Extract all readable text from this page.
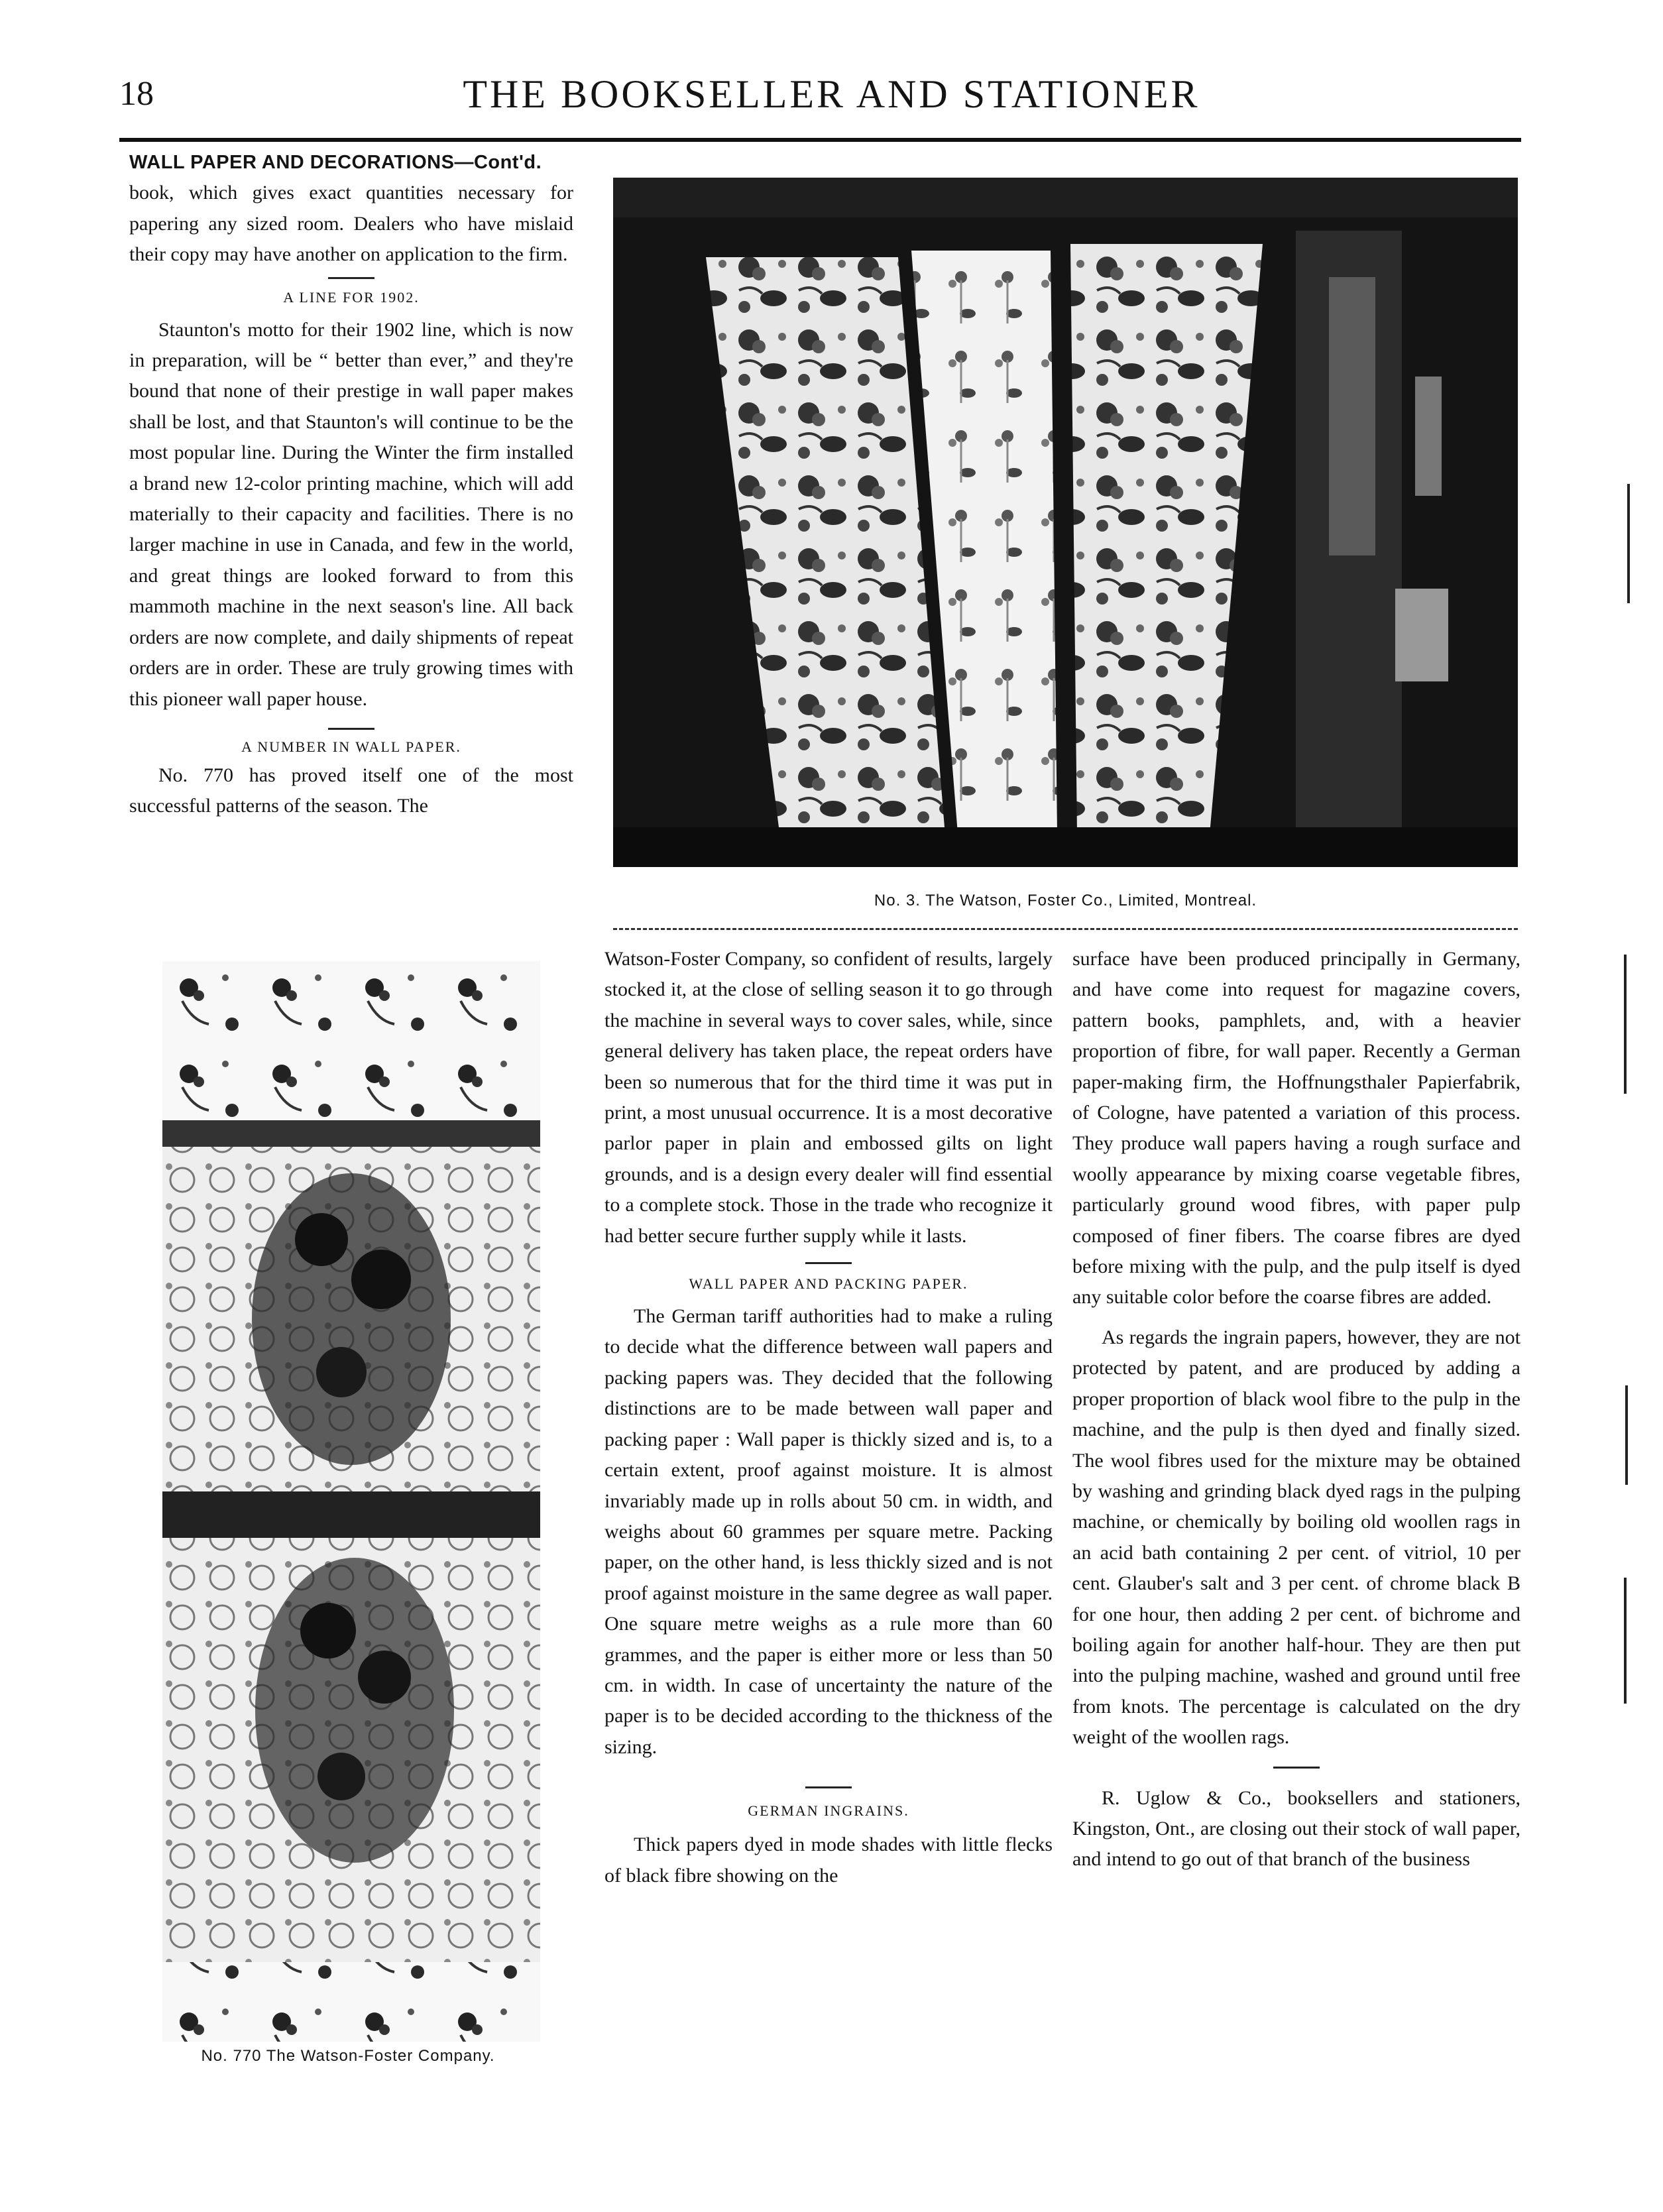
18	THE BOOKSELLER AND STATIONER
WALL PAPER AND DECORATIONS—Cont'd.

book, which gives exact quantities necessary for papering any sized room. Dealers who have mislaid their copy may have another on application to the firm.

A LINE FOR 1902.

Staunton's motto for their 1902 line, which is now in preparation, will be “ better than ever,” and they're bound that none of their prestige in wall paper makes shall be lost, and that Staunton's will continue to be the most popular line. During the Winter the firm installed a brand new 12-color printing machine, which will add materially to their capacity and facilities. There is no larger machine in use in Canada, and few in the world, and great things are looked forward to from this mammoth machine in the next season's line. All back orders are now complete, and daily shipments of repeat orders are in order. These are truly growing times with this pioneer wall paper house.

A NUMBER IN WALL PAPER.

No. 770 has proved itself one of the most successful patterns of the season. The

No. 3. The Watson, Foster Co., Limited, Montreal.
No. 770 The Watson-Foster Company.

Watson-Foster Company, so confident of results, largely stocked it, at the close of selling season it to go through the machine in several ways to cover sales, while, since general delivery has taken place, the repeat orders have been so numerous that for the third time it was put in print, a most unusual occurrence. It is a most decorative parlor paper in plain and embossed gilts on light grounds, and is a design every dealer will find essential to a complete stock. Those in the trade who recognize it had better secure further supply while it lasts.

WALL PAPER AND PACKING PAPER.

The German tariff authorities had to make a ruling to decide what the difference between wall papers and packing papers was. They decided that the following distinctions are to be made between wall paper and packing paper : Wall paper is thickly sized and is, to a certain extent, proof against moisture. It is almost invariably made up in rolls about 50 cm. in width, and weighs about 60 grammes per square metre. Packing paper, on the other hand, is less thickly sized and is not proof against moisture in the same degree as wall paper. One square metre weighs as a rule more than 60 grammes, and the paper is either more or less than 50 cm. in width. In case of uncertainty the nature of the paper is to be decided according to the thickness of the sizing.

GERMAN INGRAINS.

Thick papers dyed in mode shades with little flecks of black fibre showing on the

surface have been produced principally in Germany, and have come into request for magazine covers, pattern books, pamphlets, and, with a heavier proportion of fibre, for wall paper. Recently a German paper-making firm, the Hoffnungsthaler Papierfabrik, of Cologne, have patented a variation of this process. They produce wall papers having a rough surface and woolly appearance by mixing coarse vegetable fibres, particularly ground wood fibres, with paper pulp composed of finer fibers. The coarse fibres are dyed before mixing with the pulp, and the pulp itself is dyed any suitable color before the coarse fibres are added.

As regards the ingrain papers, however, they are not protected by patent, and are produced by adding a proper proportion of black wool fibre to the pulp in the machine, and the pulp is then dyed and finally sized. The wool fibres used for the mixture may be obtained by washing and grinding black dyed rags in the pulping machine, or chemically by boiling old woollen rags in an acid bath containing 2 per cent. of vitriol, 10 per cent. Glauber's salt and 3 per cent. of chrome black B for one hour, then adding 2 per cent. of bichrome and boiling again for another half-hour. They are then put into the pulping machine, washed and ground until free from knots. The percentage is calculated on the dry weight of the woollen rags.

R. Uglow & Co., booksellers and stationers, Kingston, Ont., are closing out their stock of wall paper, and intend to go out of that branch of the business
